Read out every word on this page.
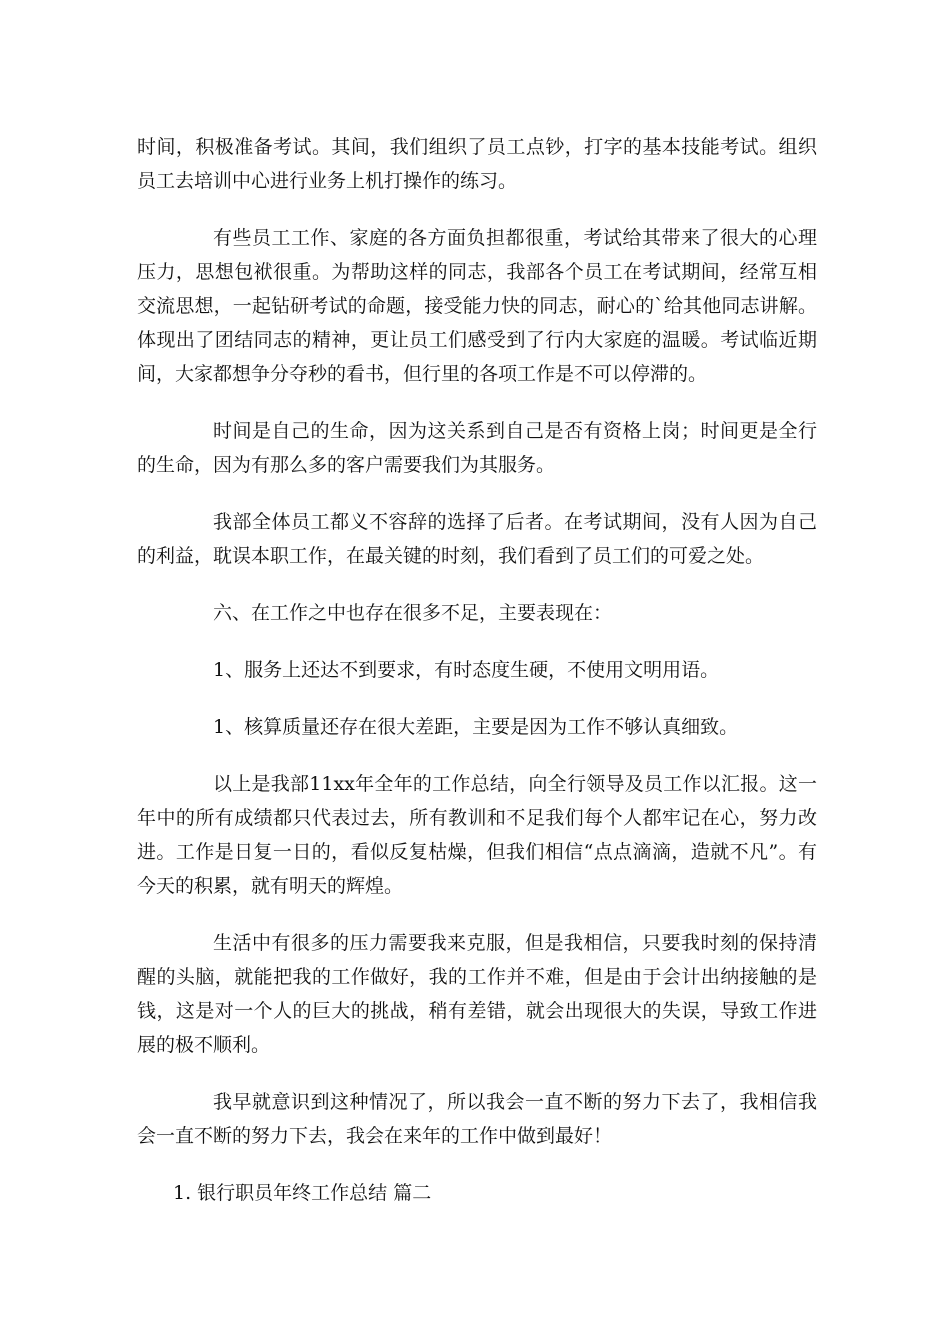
时间，积极准备考试。其间，我们组织了员工点钞，打字的基本技能考试。组织员工去培训中心进行业务上机打操作的练习。

有些员工工作、家庭的各方面负担都很重，考试给其带来了很大的心理压力，思想包袱很重。为帮助这样的同志，我部各个员工在考试期间，经常互相交流思想，一起钻研考试的命题，接受能力快的同志，耐心的`给其他同志讲解。体现出了团结同志的精神，更让员工们感受到了行内大家庭的温暖。考试临近期间，大家都想争分夺秒的看书，但行里的各项工作是不可以停滞的。

时间是自己的生命，因为这关系到自己是否有资格上岗；时间更是全行的生命，因为有那么多的客户需要我们为其服务。

我部全体员工都义不容辞的选择了后者。在考试期间，没有人因为自己的利益，耽误本职工作，在最关键的时刻，我们看到了员工们的可爱之处。

六、在工作之中也存在很多不足，主要表现在：

1、服务上还达不到要求，有时态度生硬，不使用文明用语。

1、核算质量还存在很大差距，主要是因为工作不够认真细致。

以上是我部11xx年全年的工作总结，向全行领导及员工作以汇报。这一年中的所有成绩都只代表过去，所有教训和不足我们每个人都牢记在心，努力改进。工作是日复一日的，看似反复枯燥，但我们相信“点点滴滴，造就不凡”。有今天的积累，就有明天的辉煌。

生活中有很多的压力需要我来克服，但是我相信，只要我时刻的保持清醒的头脑，就能把我的工作做好，我的工作并不难，但是由于会计出纳接触的是钱，这是对一个人的巨大的挑战，稍有差错，就会出现很大的失误，导致工作进展的极不顺利。

我早就意识到这种情况了，所以我会一直不断的努力下去了，我相信我会一直不断的努力下去，我会在来年的工作中做到最好！

1. 银行职员年终工作总结 篇二
